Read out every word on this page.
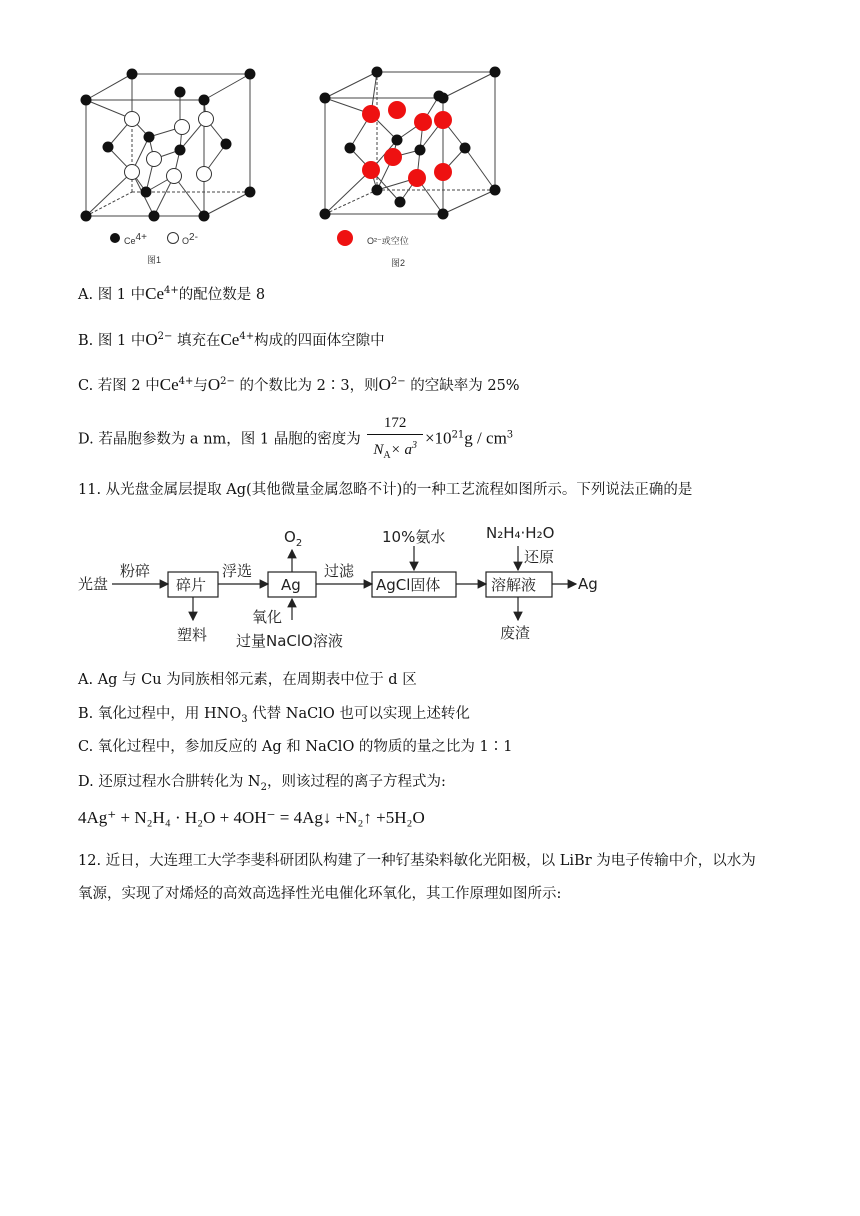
$Ce^{4+}$	$O^{2-}$
图1
O²⁻或空位
图2
A. 图 1 中$Ce^{4+}$的配位数是 8
B. 图 1 中$O^{2-}$ 填充在$Ce^{4+}$构成的四面体空隙中
C. 若图 2 中$Ce^{4+}$与$O^{2-}$ 的个数比为 2∶3，则$O^{2-}$ 的空缺率为 25%
D. 若晶胞参数为 a nm，图 1 晶胞的密度为 $\frac{172}{N_A\times a^3} \times 10^{21}g / cm^3$
11. 从光盘金属层提取 Ag(其他微量金属忽略不计)的一种工艺流程如图所示。下列说法正确的是
光盘
粉碎
碎片
塑料
浮选
Ag
$O_2$
氧化
过量NaClO溶液
过滤
AgCl固体
10%氨水	N₂H₄·H₂O
还原
溶解液
废渣
Ag
A. Ag 与 Cu 为同族相邻元素，在周期表中位于 d 区
B. 氧化过程中，用 $HNO_3$ 代替 NaClO 也可以实现上述转化
C. 氧化过程中，参加反应的 Ag 和 NaClO 的物质的量之比为 1∶1
D. 还原过程水合肼转化为 $N_2$，则该过程的离子方程式为:
4Ag⁺ + N₂H₄ · H₂O + 4OH⁻ = 4Ag↓ +N₂↑ +5H₂O
12. 近日，大连理工大学李斐科研团队构建了一种钌基染料敏化光阳极，以 LiBr 为电子传输中介，以水为
氧源，实现了对烯烃的高效高选择性光电催化环氧化，其工作原理如图所示:
